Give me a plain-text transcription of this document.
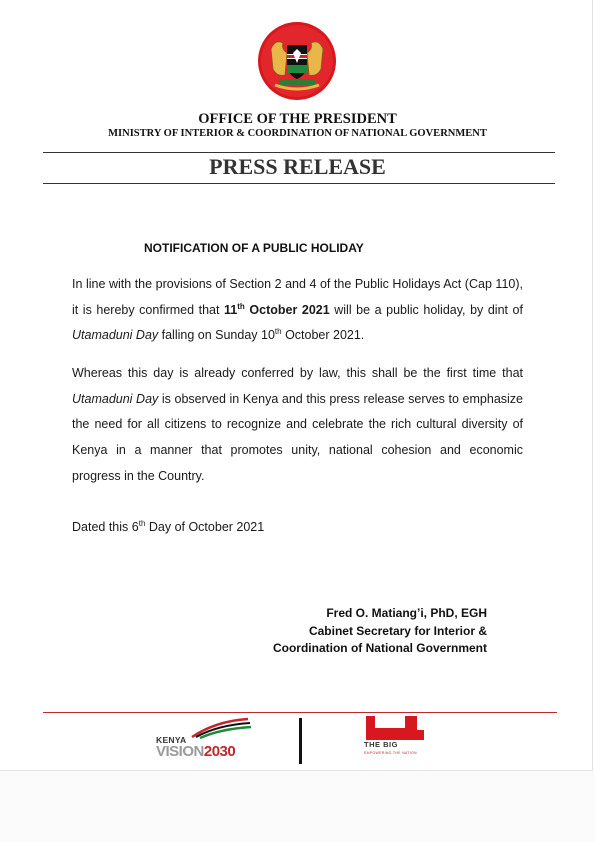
OFFICE OF THE PRESIDENT
MINISTRY OF INTERIOR & COORDINATION OF NATIONAL GOVERNMENT
PRESS RELEASE
NOTIFICATION OF A PUBLIC HOLIDAY
In line with the provisions of Section 2 and 4 of the Public Holidays Act (Cap 110), it is hereby confirmed that 11th October 2021 will be a public holiday, by dint of Utamaduni Day falling on Sunday 10th October 2021.
Whereas this day is already conferred by law, this shall be the first time that Utamaduni Day is observed in Kenya and this press release serves to emphasize the need for all citizens to recognize and celebrate the rich cultural diversity of Kenya in a manner that promotes unity, national cohesion and economic progress in the Country.
Dated this 6th Day of October 2021
Fred O. Matiang’i, PhD, EGH
Cabinet Secretary for Interior &
Coordination of National Government
KENYA
VISION2030	THE BIG
EMPOWERING THE NATION
